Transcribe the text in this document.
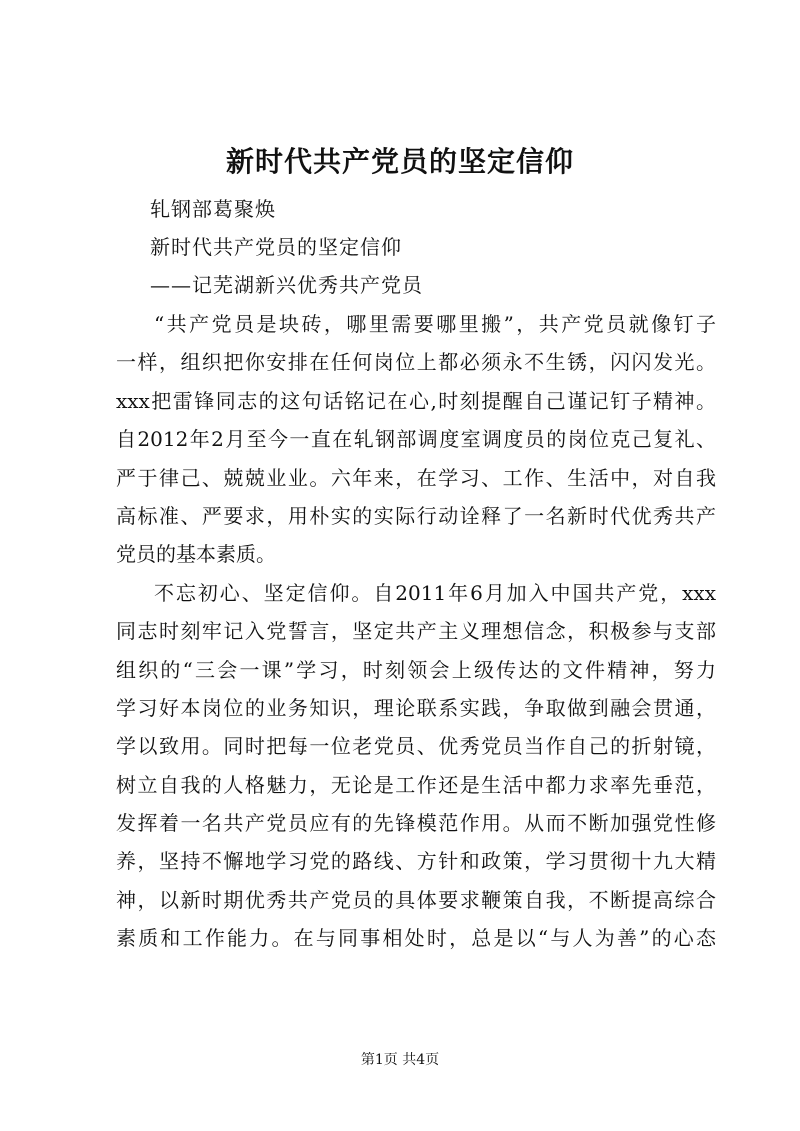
新时代共产党员的坚定信仰
轧钢部葛聚焕
新时代共产党员的坚定信仰
——记芜湖新兴优秀共产党员
“共产党员是块砖，哪里需要哪里搬”，共产党员就像钉子
一样，组织把你安排在任何岗位上都必须永不生锈，闪闪发光。
xxx把雷锋同志的这句话铭记在心,时刻提醒自己谨记钉子精神。
自2012年2月至今一直在轧钢部调度室调度员的岗位克己复礼、
严于律己、兢兢业业。六年来，在学习、工作、生活中，对自我
高标准、严要求，用朴实的实际行动诠释了一名新时代优秀共产
党员的基本素质。
不忘初心、坚定信仰。自2011年6月加入中国共产党，xxx
同志时刻牢记入党誓言，坚定共产主义理想信念，积极参与支部
组织的“三会一课”学习，时刻领会上级传达的文件精神，努力
学习好本岗位的业务知识，理论联系实践，争取做到融会贯通，
学以致用。同时把每一位老党员、优秀党员当作自己的折射镜，
树立自我的人格魅力，无论是工作还是生活中都力求率先垂范，
发挥着一名共产党员应有的先锋模范作用。从而不断加强党性修
养，坚持不懈地学习党的路线、方针和政策，学习贯彻十九大精
神，以新时期优秀共产党员的具体要求鞭策自我，不断提高综合
素质和工作能力。在与同事相处时，总是以“与人为善”的心态
第1页 共4页
